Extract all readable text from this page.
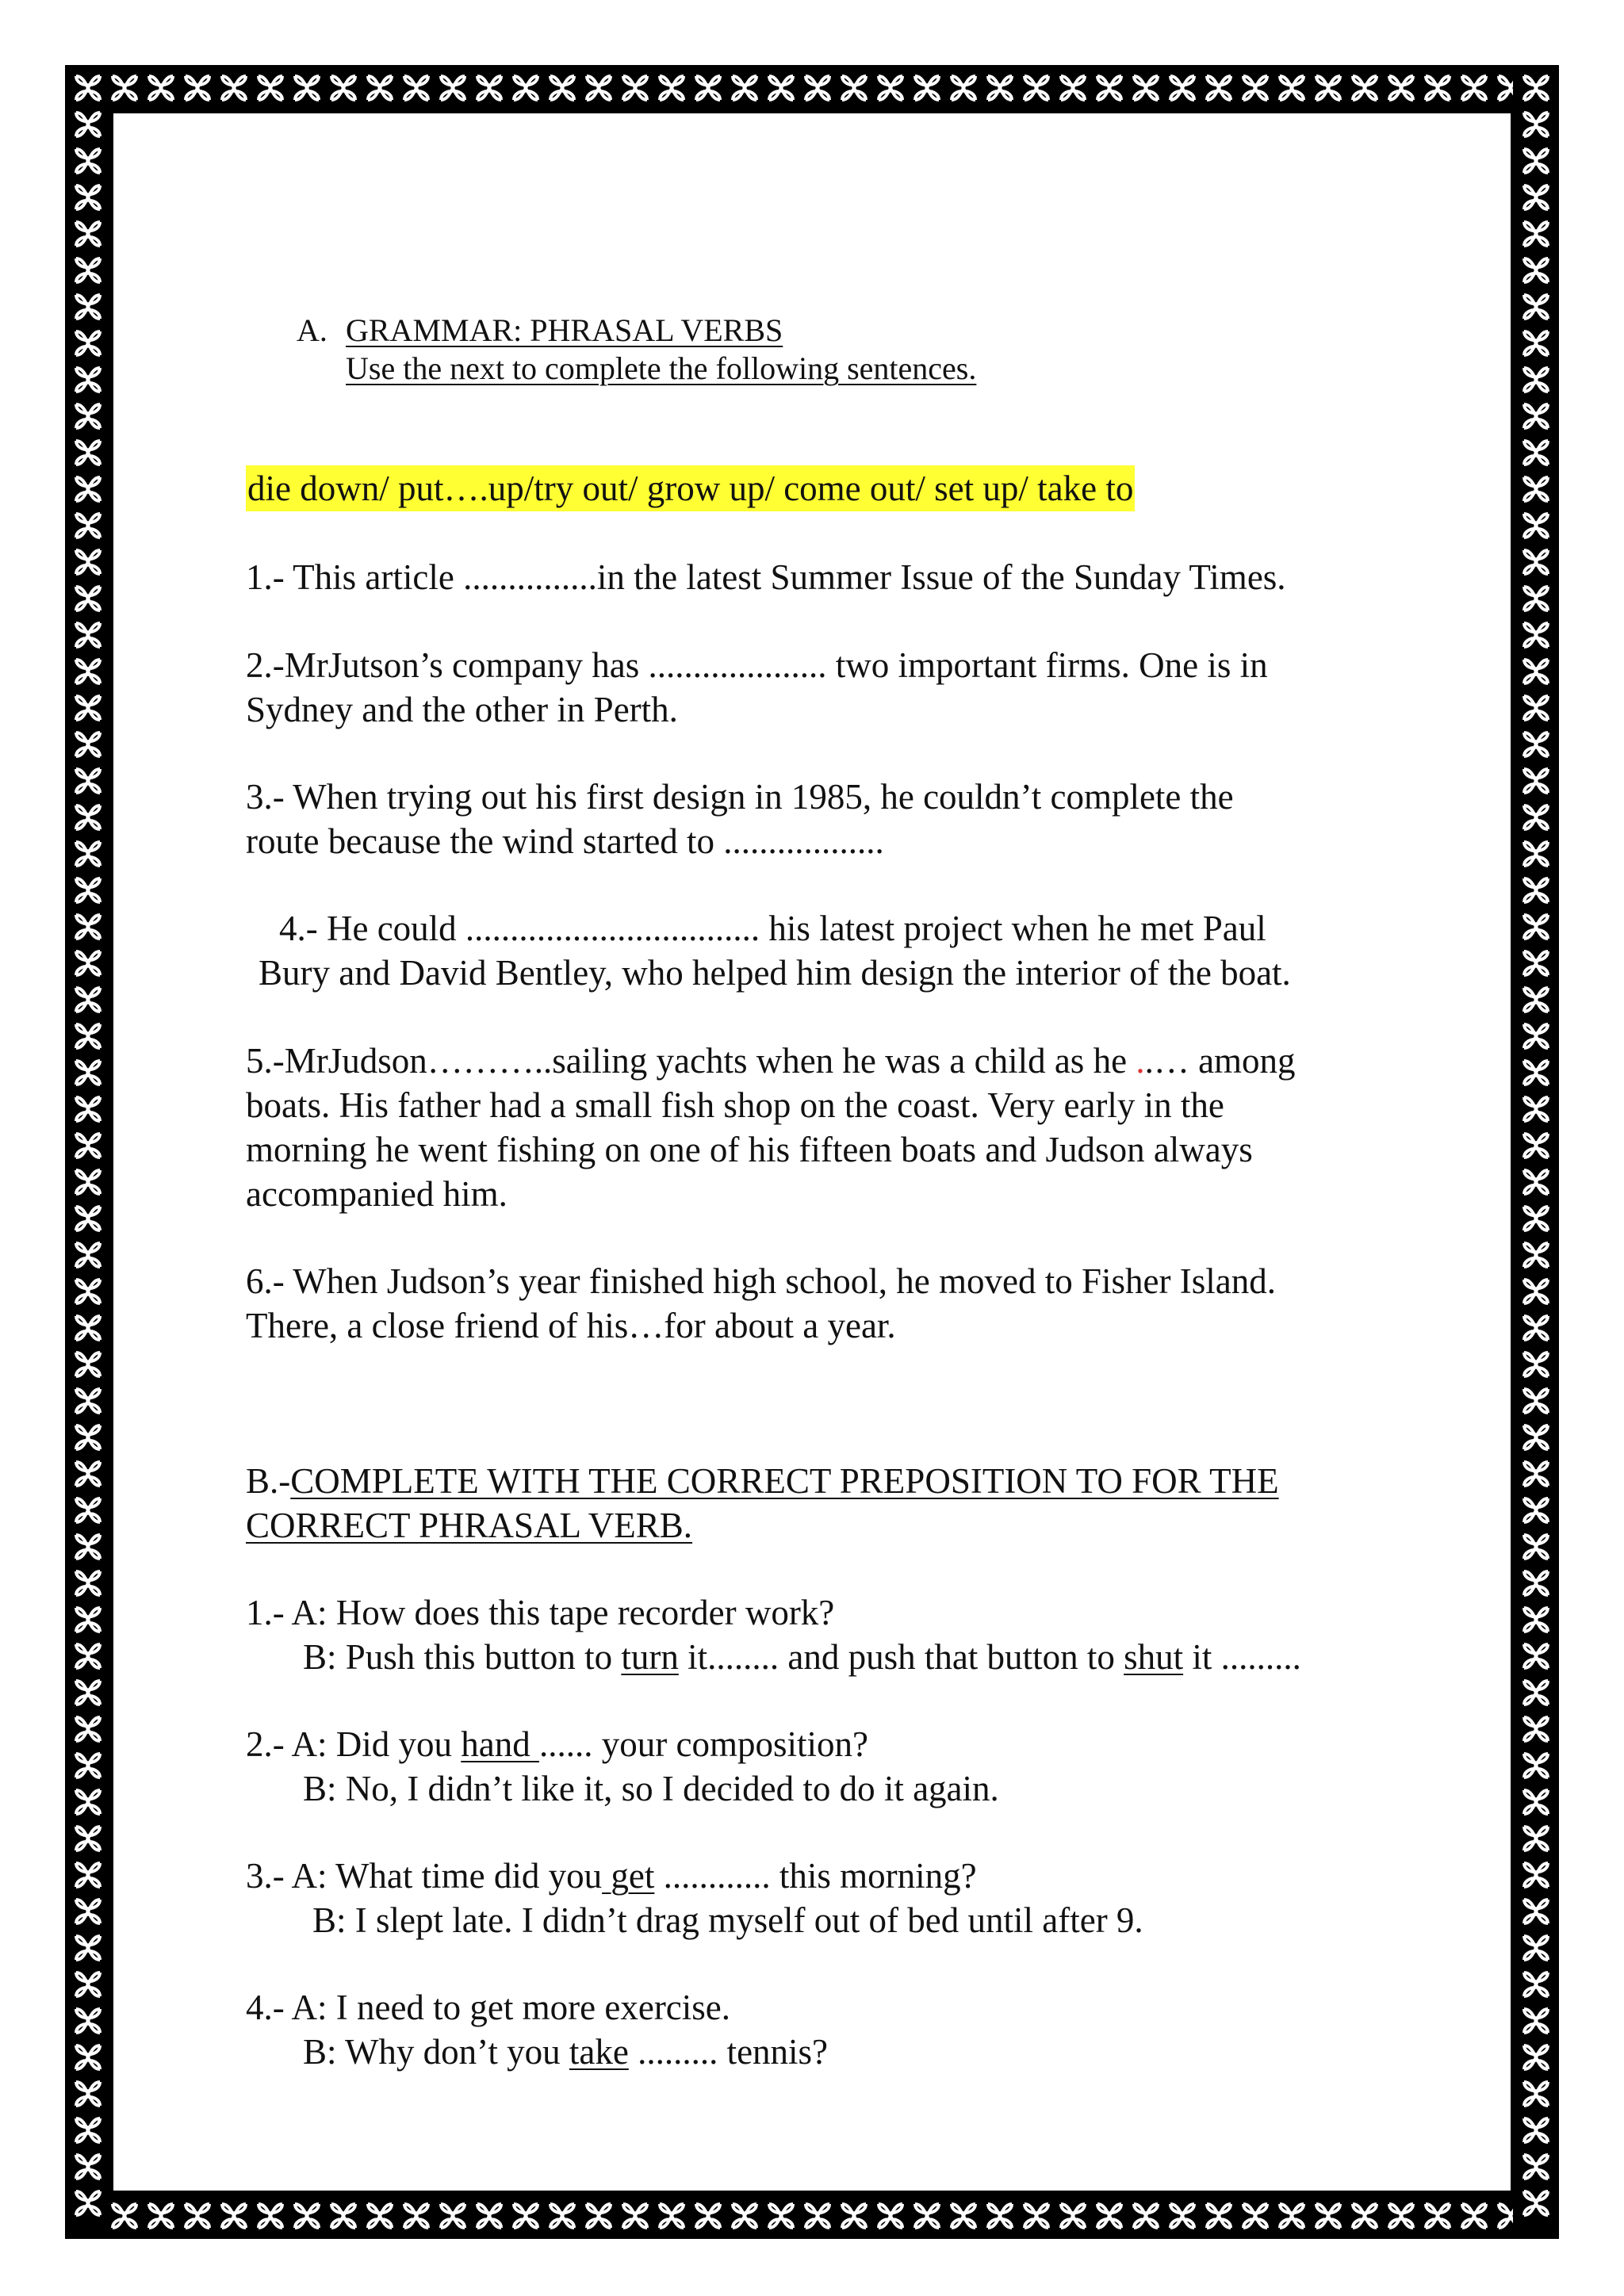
A. GRAMMAR: PHRASAL VERBS
Use the next to complete the following sentences.
die down/ put….up/try out/ grow up/ come out/ set up/ take to
1.- This article ...............in the latest Summer Issue of the Sunday Times.
2.-MrJutson’s company has .................... two important firms. One is in
Sydney and the other in Perth.
3.- When trying out his first design in 1985, he couldn’t complete the
route because the wind started to ..................
4.- He could ................................. his latest project when he met Paul
Bury and David Bentley, who helped him design the interior of the boat.
5.-MrJudson………..sailing yachts when he was a child as he ..… among
boats. His father had a small fish shop on the coast. Very early in the
morning he went fishing on one of his fifteen boats and Judson always
accompanied him.
6.- When Judson’s year finished high school, he moved to Fisher Island.
There, a close friend of his…for about a year.
B.-COMPLETE WITH THE CORRECT PREPOSITION TO FOR THE
CORRECT PHRASAL VERB.
1.- A: How does this tape recorder work?
B: Push this button to turn it........ and push that button to shut it .........
2.- A: Did you hand ...... your composition?
B: No, I didn’t like it, so I decided to do it again.
3.- A: What time did you get ............ this morning?
B: I slept late. I didn’t drag myself out of bed until after 9.
4.- A: I need to get more exercise.
B: Why don’t you take ......... tennis?
